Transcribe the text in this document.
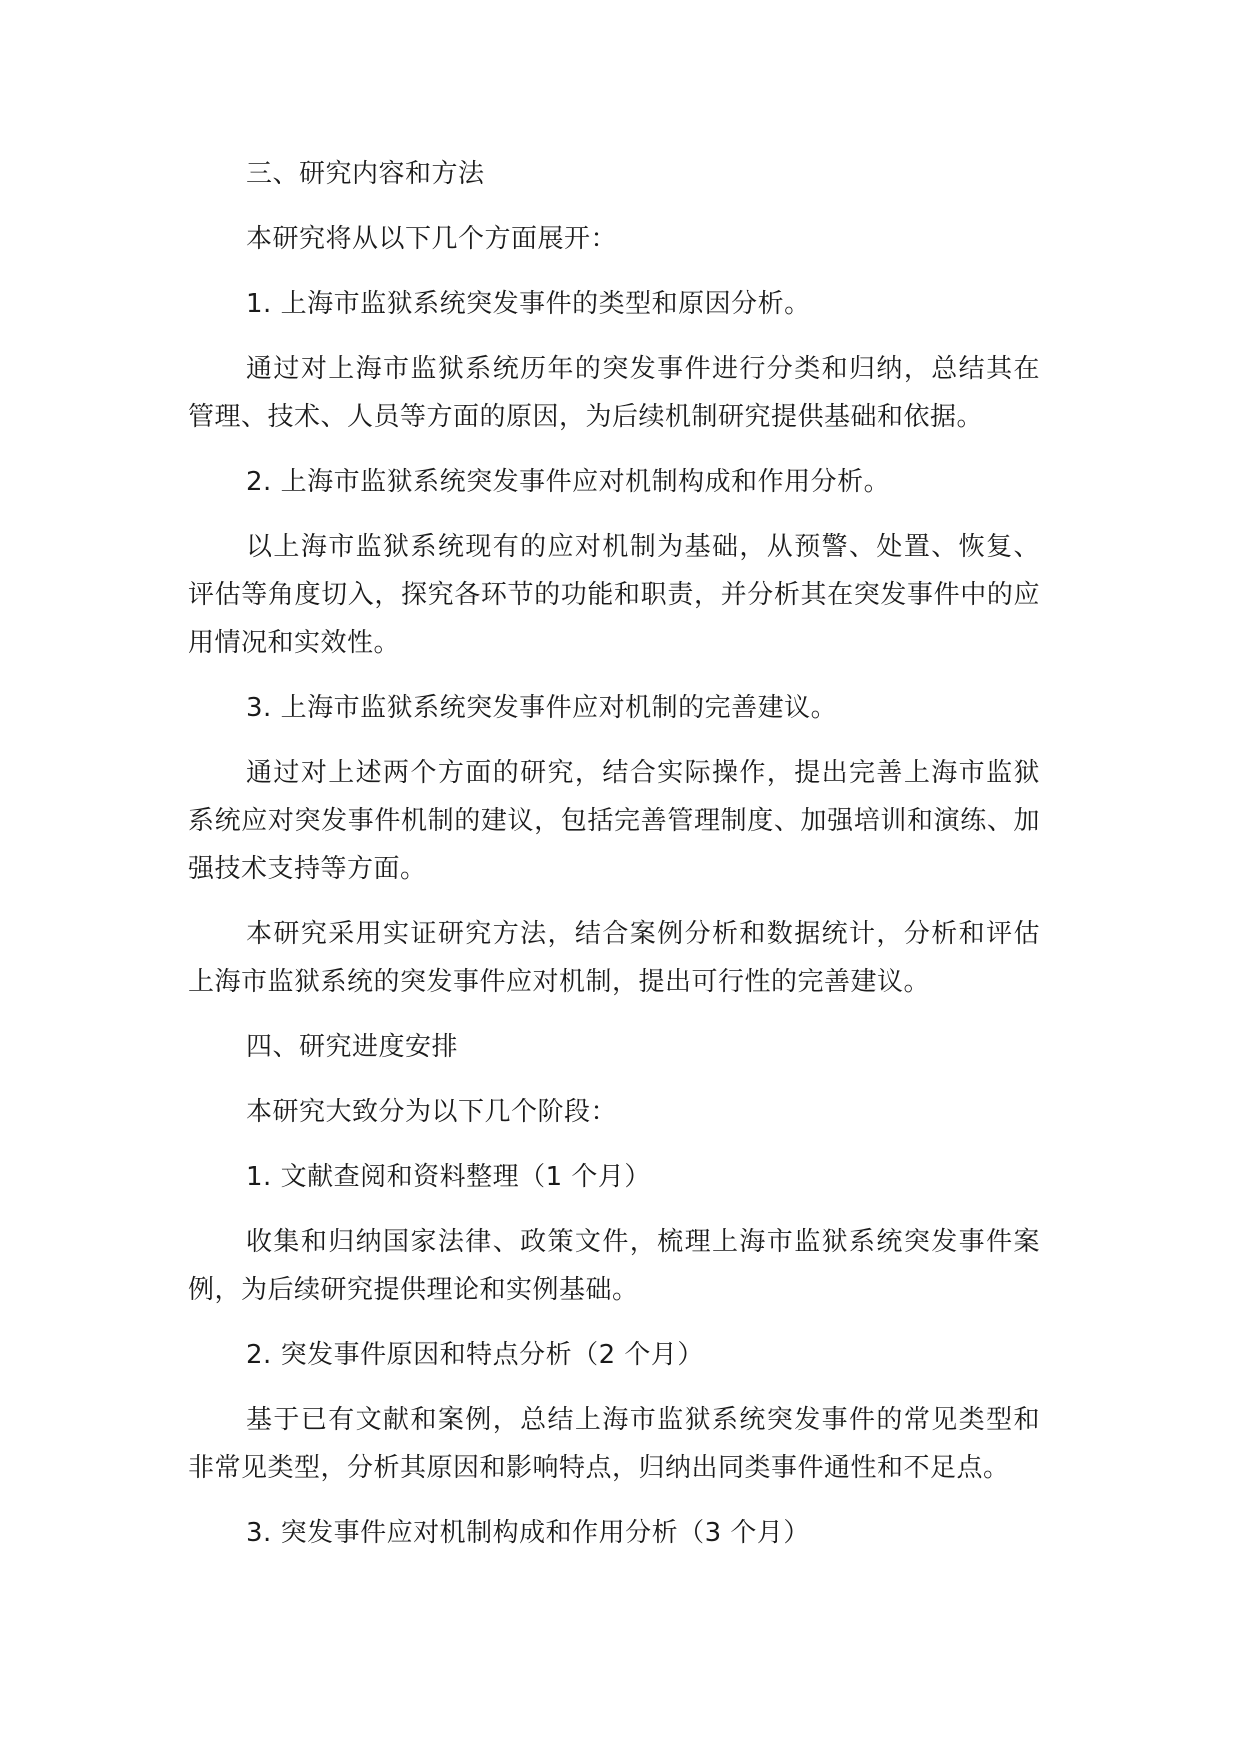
三、研究内容和方法

本研究将从以下几个方面展开：

1. 上海市监狱系统突发事件的类型和原因分析。

通过对上海市监狱系统历年的突发事件进行分类和归纳，总结其在管理、技术、人员等方面的原因，为后续机制研究提供基础和依据。

2. 上海市监狱系统突发事件应对机制构成和作用分析。

以上海市监狱系统现有的应对机制为基础，从预警、处置、恢复、评估等角度切入，探究各环节的功能和职责，并分析其在突发事件中的应用情况和实效性。

3. 上海市监狱系统突发事件应对机制的完善建议。

通过对上述两个方面的研究，结合实际操作，提出完善上海市监狱系统应对突发事件机制的建议，包括完善管理制度、加强培训和演练、加强技术支持等方面。

本研究采用实证研究方法，结合案例分析和数据统计，分析和评估上海市监狱系统的突发事件应对机制，提出可行性的完善建议。

四、研究进度安排

本研究大致分为以下几个阶段：

1. 文献查阅和资料整理（1 个月）

收集和归纳国家法律、政策文件，梳理上海市监狱系统突发事件案例，为后续研究提供理论和实例基础。

2. 突发事件原因和特点分析（2 个月）

基于已有文献和案例，总结上海市监狱系统突发事件的常见类型和非常见类型，分析其原因和影响特点，归纳出同类事件通性和不足点。

3. 突发事件应对机制构成和作用分析（3 个月）
